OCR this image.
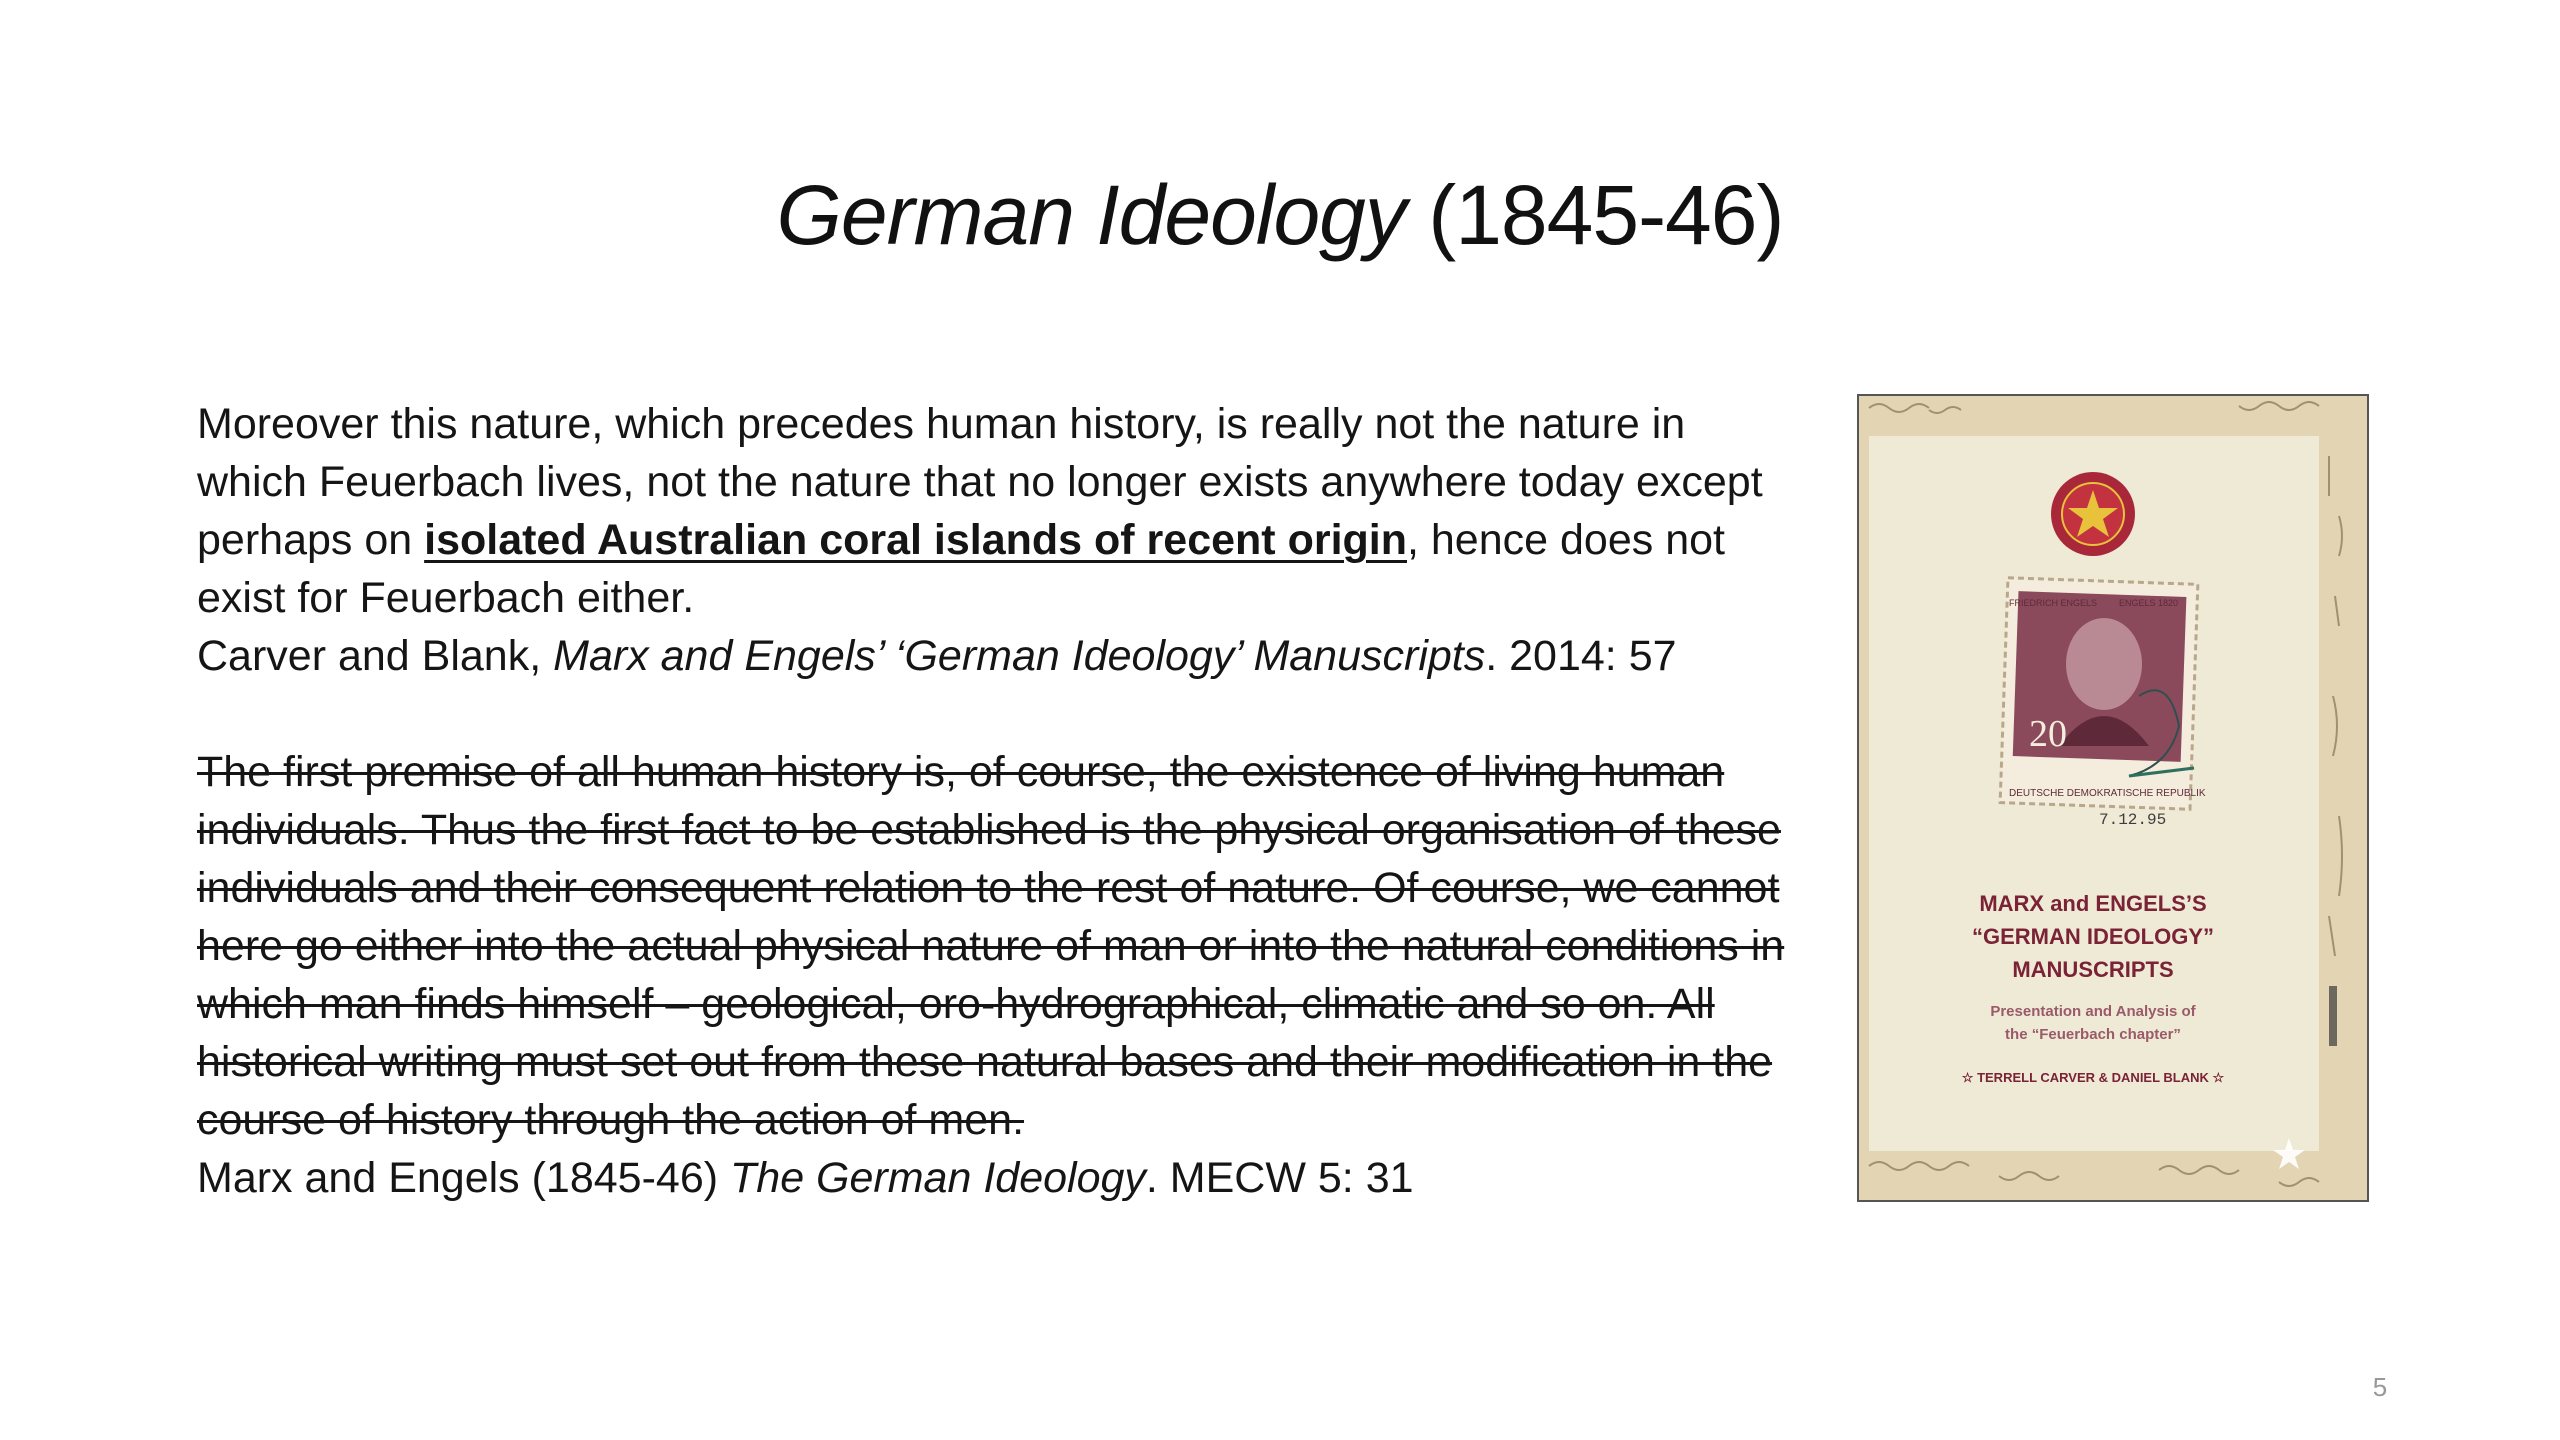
German Ideology (1845-46)

Moreover this nature, which precedes human history, is really not the nature in which Feuerbach lives, not the nature that no longer exists anywhere today except perhaps on isolated Australian coral islands of recent origin, hence does not exist for Feuerbach either.

Carver and Blank, Marx and Engels’ ‘German Ideology’ Manuscripts. 2014: 57

The first premise of all human history is, of course, the existence of living human individuals. Thus the first fact to be established is the physical organisation of these individuals and their consequent relation to the rest of nature. Of course, we cannot here go either into the actual physical nature of man or into the natural conditions in which man finds himself – geological, oro-hydrographical, climatic and so on. All historical writing must set out from these natural bases and their modification in the course of history through the action of men.

Marx and Engels (1845-46) The German Ideology. MECW 5: 31

FRIEDRICH ENGELS ENGELS 1820
20
DEUTSCHE DEMOKRATISCHE REPUBLIK
7.12.95
MARX and ENGELS’S
“GERMAN IDEOLOGY”
MANUSCRIPTS
Presentation and Analysis of
the “Feuerbach chapter”
☆ TERRELL CARVER & DANIEL BLANK ☆
5
